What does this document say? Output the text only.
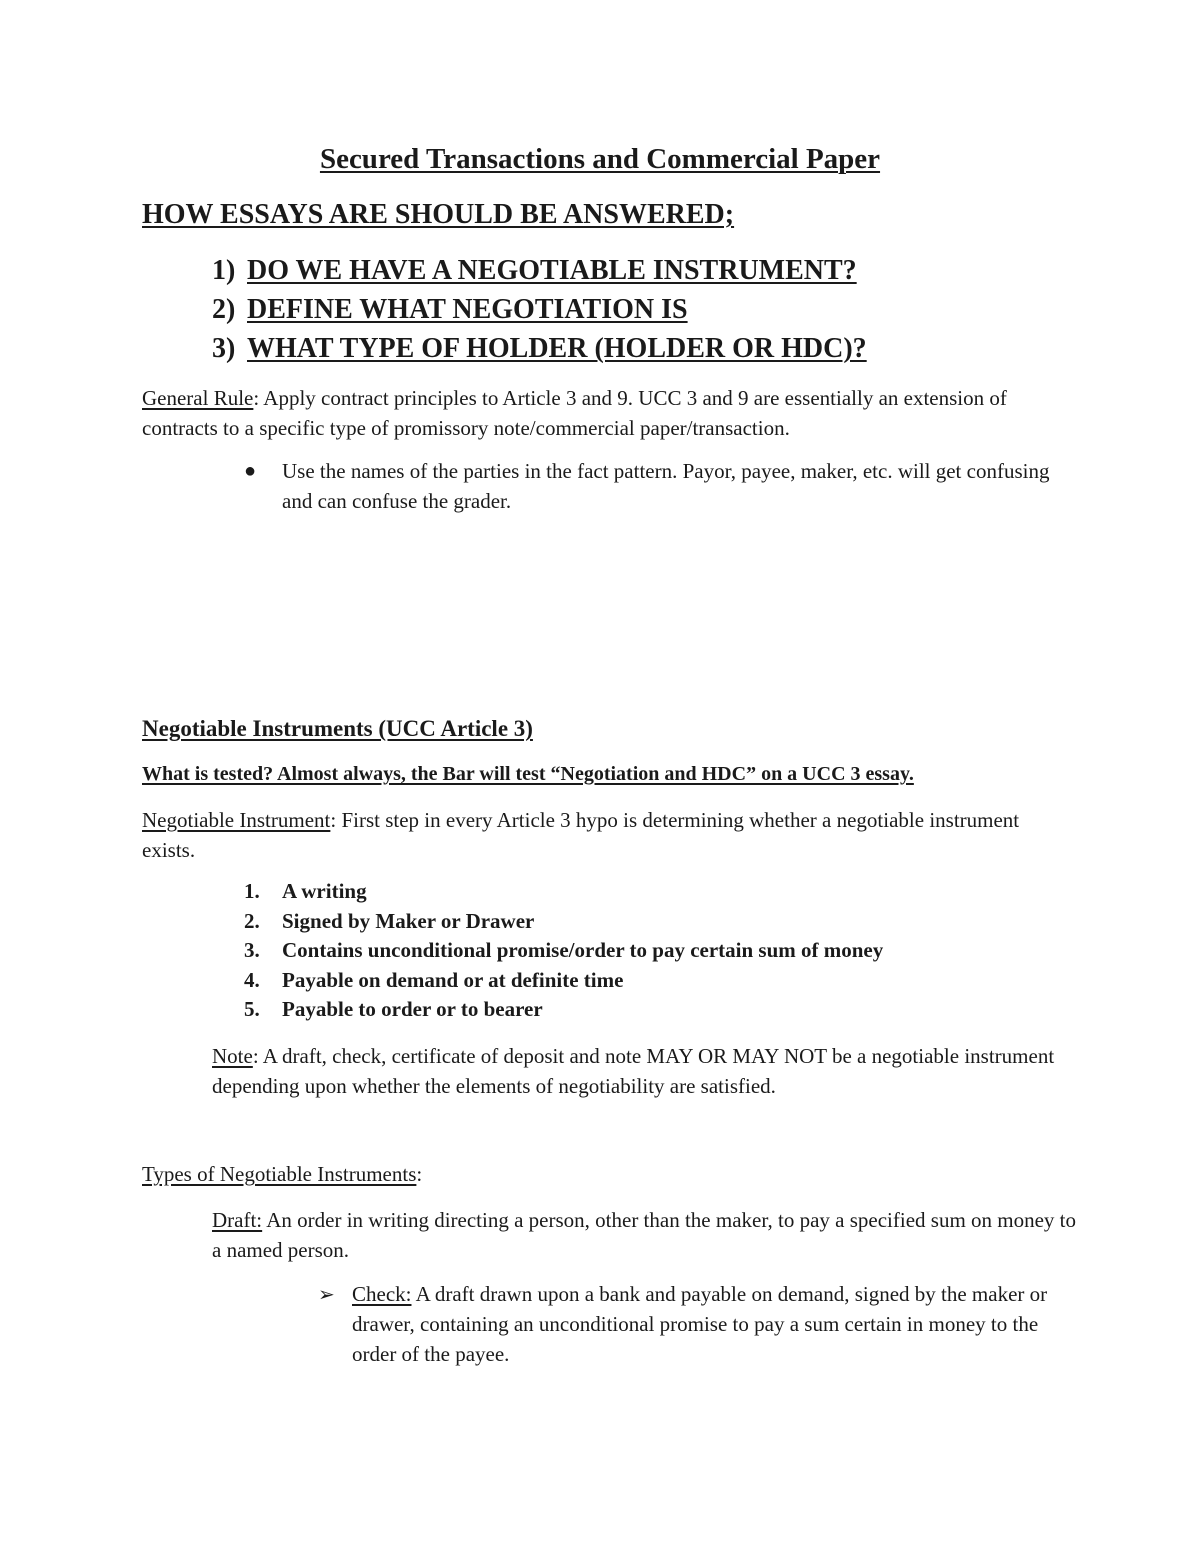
Secured Transactions and Commercial Paper
HOW ESSAYS ARE SHOULD BE ANSWERED;
1) DO WE HAVE A NEGOTIABLE INSTRUMENT?
2) DEFINE WHAT NEGOTIATION IS
3) WHAT TYPE OF HOLDER (HOLDER OR HDC)?

General Rule: Apply contract principles to Article 3 and 9. UCC 3 and 9 are essentially an extension of contracts to a specific type of promissory note/commercial paper/transaction.

●	Use the names of the parties in the fact pattern. Payor, payee, maker, etc. will get confusing and can confuse the grader.

Negotiable Instruments (UCC Article 3)
What is tested? Almost always, the Bar will test “Negotiation and HDC” on a UCC 3 essay.

Negotiable Instrument: First step in every Article 3 hypo is determining whether a negotiable instrument exists.

1. A writing
2. Signed by Maker or Drawer
3. Contains unconditional promise/order to pay certain sum of money
4. Payable on demand or at definite time
5. Payable to order or to bearer

Note: A draft, check, certificate of deposit and note MAY OR MAY NOT be a negotiable instrument depending upon whether the elements of negotiability are satisfied.

Types of Negotiable Instruments:

Draft: An order in writing directing a person, other than the maker, to pay a specified sum on money to a named person.

➢ Check: A draft drawn upon a bank and payable on demand, signed by the maker or drawer, containing an unconditional promise to pay a sum certain in money to the order of the payee.
